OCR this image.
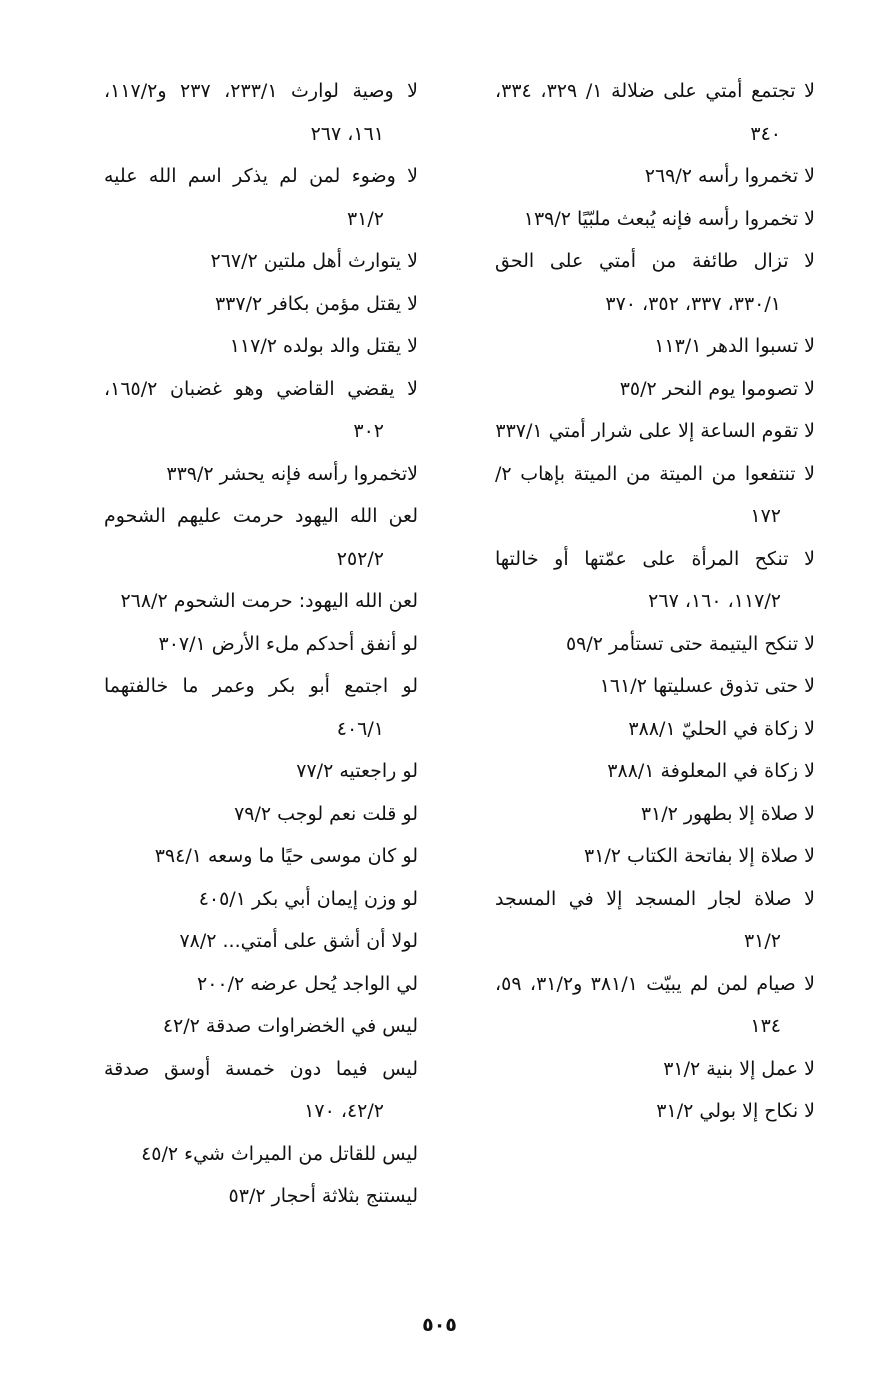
لا تجتمع أمتي على ضلالة ١/ ٣٢٩، ٣٣٤، ٣٤٠

لا تخمروا رأسه ٢٦٩/٢

لا تخمروا رأسه فإنه يُبعث ملبّيًا ١٣٩/٢

لا تزال طائفة من أمتي على الحق ٣٣٠/١، ٣٣٧، ٣٥٢، ٣٧٠

لا تسبوا الدهر ١١٣/١

لا تصوموا يوم النحر ٣٥/٢

لا تقوم الساعة إلا على شرار أمتي ٣٣٧/١

لا تنتفعوا من الميتة من الميتة بإهاب ٢/ ١٧٢

لا تنكح المرأة على عمّتها أو خالتها ١١٧/٢، ١٦٠، ٢٦٧

لا تنكح اليتيمة حتى تستأمر ٥٩/٢

لا حتى تذوق عسليتها ١٦١/٢

لا زكاة في الحليّ ٣٨٨/١

لا زكاة في المعلوفة ٣٨٨/١

لا صلاة إلا بطهور ٣١/٢

لا صلاة إلا بفاتحة الكتاب ٣١/٢

لا صلاة لجار المسجد إلا في المسجد ٣١/٢

لا صيام لمن لم يبيّت ٣٨١/١ و٣١/٢، ٥٩، ١٣٤

لا عمل إلا بنية ٣١/٢

لا نكاح إلا بولي ٣١/٢

لا وصية لوارث ٢٣٣/١، ٢٣٧ و١١٧/٢، ١٦١، ٢٦٧

لا وضوء لمن لم يذكر اسم الله عليه ٣١/٢

لا يتوارث أهل ملتين ٢٦٧/٢

لا يقتل مؤمن بكافر ٣٣٧/٢

لا يقتل والد بولده ١١٧/٢

لا يقضي القاضي وهو غضبان ١٦٥/٢، ٣٠٢

لاتخمروا رأسه فإنه يحشر ٣٣٩/٢

لعن الله اليهود حرمت عليهم الشحوم ٢٥٢/٢

لعن الله اليهود: حرمت الشحوم ٢٦٨/٢

لو أنفق أحدكم ملء الأرض ٣٠٧/١

لو اجتمع أبو بكر وعمر ما خالفتهما ٤٠٦/١

لو راجعتيه ٧٧/٢

لو قلت نعم لوجب ٧٩/٢

لو كان موسى حيًا ما وسعه ٣٩٤/١

لو وزن إيمان أبي بكر ٤٠٥/١

لولا أن أشق على أمتي... ٧٨/٢

لي الواجد يُحل عرضه ٢٠٠/٢

ليس في الخضراوات صدقة ٤٢/٢

ليس فيما دون خمسة أوسق صدقة ٤٢/٢، ١٧٠

ليس للقاتل من الميراث شيء ٤٥/٢

ليستنج بثلاثة أحجار ٥٣/٢

٥٠٥
